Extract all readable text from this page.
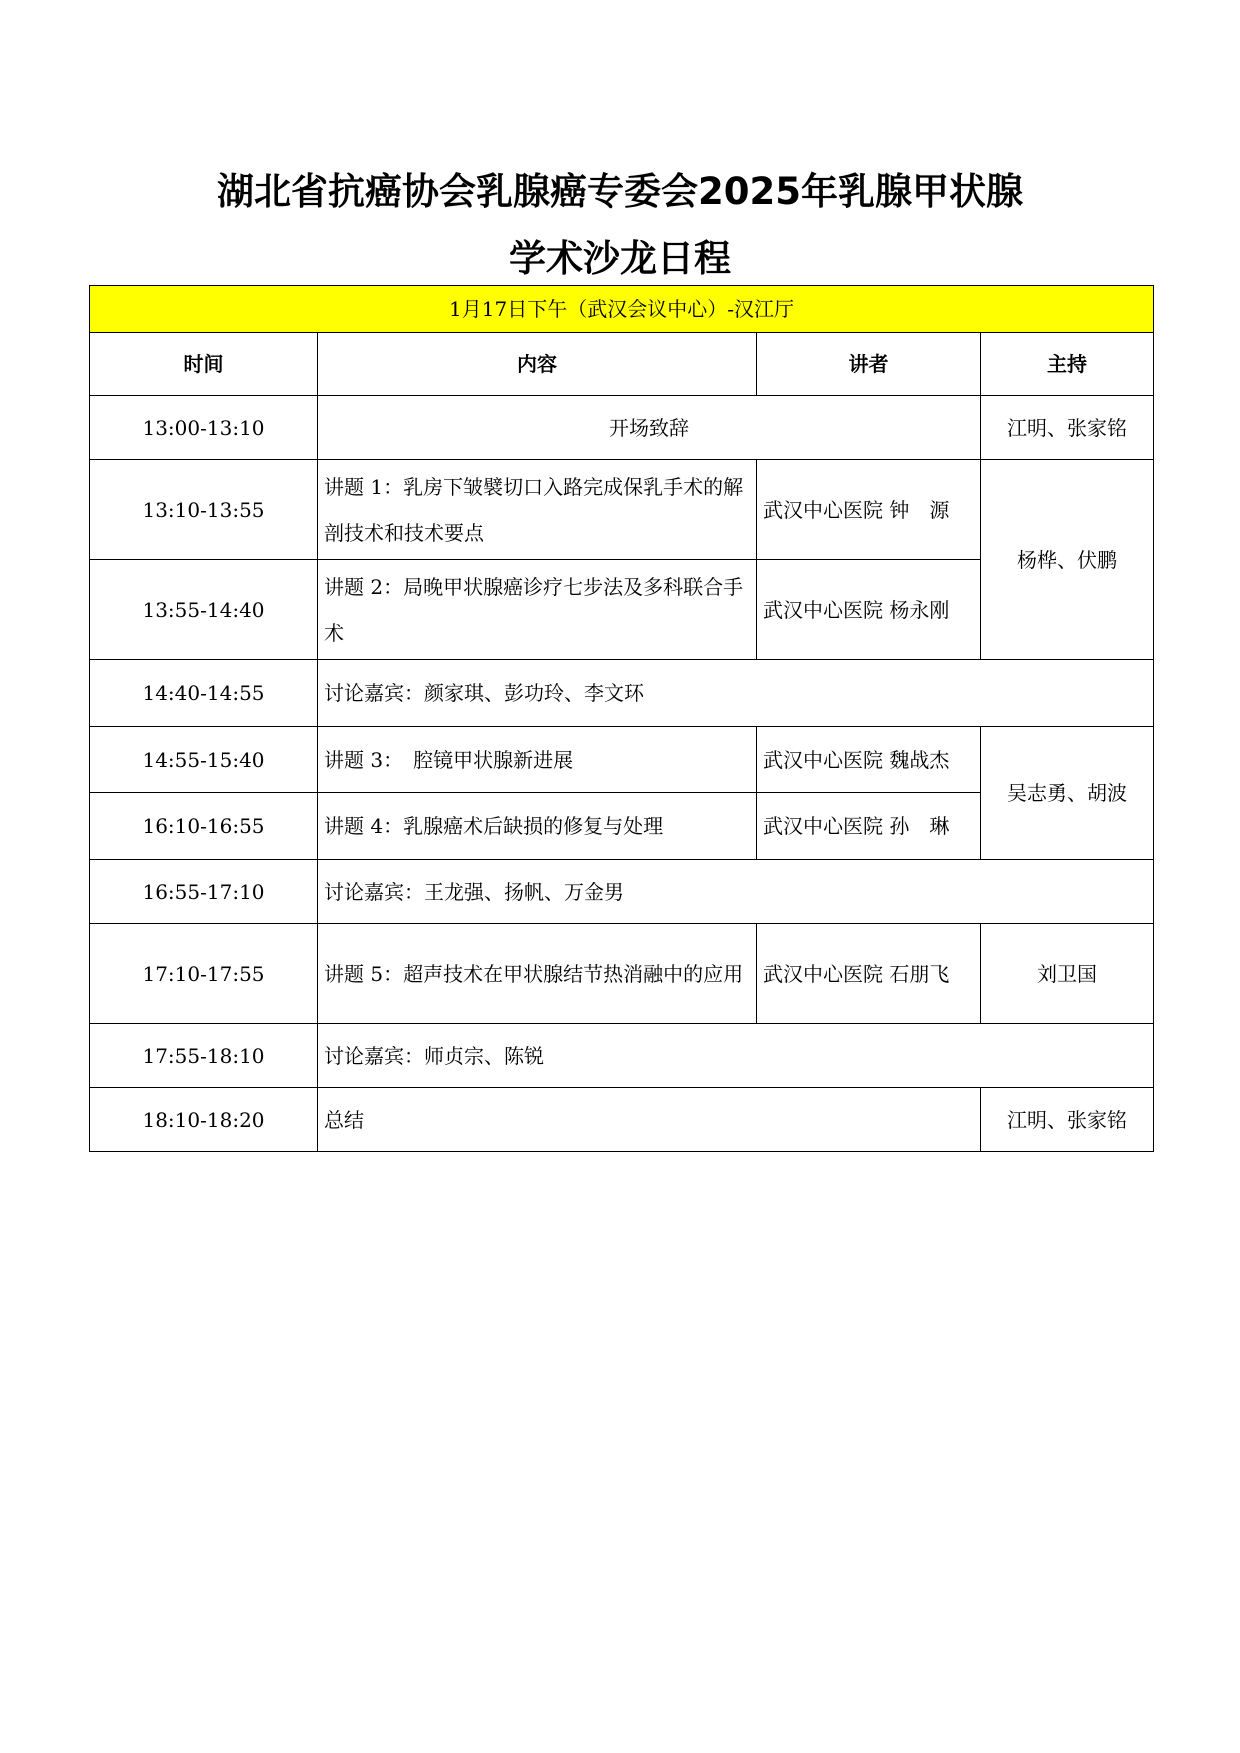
湖北省抗癌协会乳腺癌专委会2025年乳腺甲状腺
学术沙龙日程
1月17日下午（武汉会议中心）-汉江厅			
时间	内容	讲者	主持
13:00-13:10	开场致辞		江明、张家铭
13:10-13:55	讲题 1：乳房下皱襞切口入路完成保乳手术的解剖技术和技术要点	武汉中心医院 钟　源	杨桦、伏鹏
13:55-14:40	讲题 2：局晚甲状腺癌诊疗七步法及多科联合手术	武汉中心医院 杨永刚	
14:40-14:55	讨论嘉宾：颜家琪、彭功玲、李文环		
14:55-15:40	讲题 3：　腔镜甲状腺新进展	武汉中心医院 魏战杰	吴志勇、胡波
16:10-16:55	讲题 4：乳腺癌术后缺损的修复与处理	武汉中心医院 孙　琳	
16:55-17:10	讨论嘉宾：王龙强、扬帆、万金男		
17:10-17:55	讲题 5：超声技术在甲状腺结节热消融中的应用	武汉中心医院 石朋飞	刘卫国
17:55-18:10	讨论嘉宾：师贞宗、陈锐		
18:10-18:20	总结		江明、张家铭
